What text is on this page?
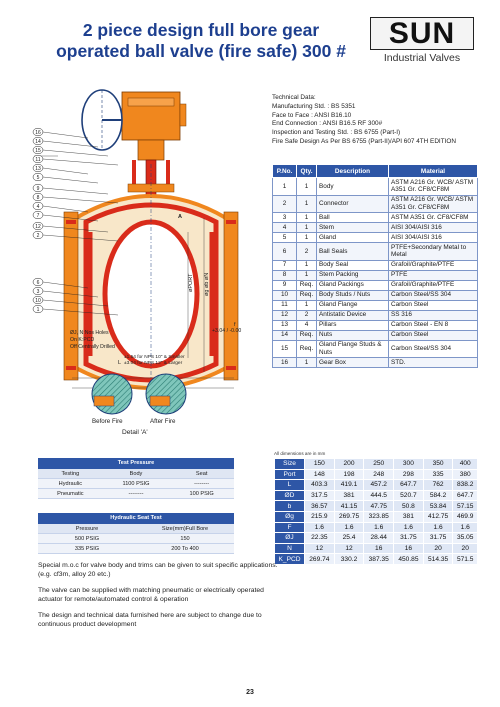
2 piece design full bore gear
operated ball valve (fire safe) 300 #
SUN
Industrial Valves
16
14
15
11
13
5
9
8
4
7
12
2
6
3
10
1
øPORT øg øb øN
+3.04 / -0.00
f
A
ØJ, N:Nos Holes
On K:PCD
Off Centrally Drilled
±1.54 for NPS 10" & Smaller
±3.04 for NPS 12" & Larger
L
Before Fire	After Fire
Detail 'A'
Technical Data:
Manufacturing Std. : BS 5351
Face to Face : ANSI B16.10
End Connection : ANSI B16.5 RF 300#
Inspection and Testing Std. : BS 6755 (Part-I)
Fire Safe Design As Per BS 6755 (Part-II)/API 607 4TH EDITION
P.No.	Qty.	Description	Material
1	1	Body	ASTM A216 Gr. WCB/ ASTM A351 Gr. CF8/CF8M
2	1	Connector	ASTM A216 Gr. WCB/ ASTM A351 Gr. CF8/CF8M
3	1	Ball	ASTM A351 Gr. CF8/CF8M
4	1	Stem	AISI 304/AISI 316
5	1	Gland	AISI 304/AISI 316
6	2	Ball Seals	PTFE+Secondary Metal to Metal
7	1	Body Seal	Grafoil/Graphite/PTFE
8	1	Stem Packing	PTFE
9	Req.	Gland Packings	Grafoil/Graphite/PTFE
10	Req.	Body Studs / Nuts	Carbon Steel/SS 304
11	1	Gland Flange	Carbon Steel
12	2	Antistatic Device	SS 316
13	4	Pillars	Carbon Steel - EN 8
14	Req.	Nuts	Carbon Steel
15	Req.	Gland Flange Studs & Nuts	Carbon Steel/SS 304
16	1	Gear Box	STD.
All dimensions are in mm
Size	150	200	250	300	350	400
Port	148	198	248	298	335	380
L	403.3	419.1	457.2	647.7	762	838.2
ØD	317.5	381	444.5	520.7	584.2	647.7
b	36.57	41.15	47.75	50.8	53.84	57.15
Øg	215.9	269.75	323.85	381	412.75	469.9
F	1.6	1.6	1.6	1.6	1.6	1.6
ØJ	22.35	25.4	28.44	31.75	31.75	35.05
N	12	12	16	16	20	20
K_PCD	269.74	330.2	387.35	450.85	514.35	571.5
Test Pressure
Testing	Body	Seat
Hydraulic	1100 PSIG	--------
Pneumatic	--------	100 PSIG
Hydraulic Seat Test
Pressure	Size(mm)Full Bore
500 PSIG	150
335 PSIG	200 To 400

Special m.o.c for valve body and trims can be given to suit specific applications.(e.g. cf3m, alloy 20 etc.)

The valve can be supplied with matching pneumatic or electrically operated actuator for remote/automated control & operation

The design and technical data furnished here are subject to change due to continuous product development

23
